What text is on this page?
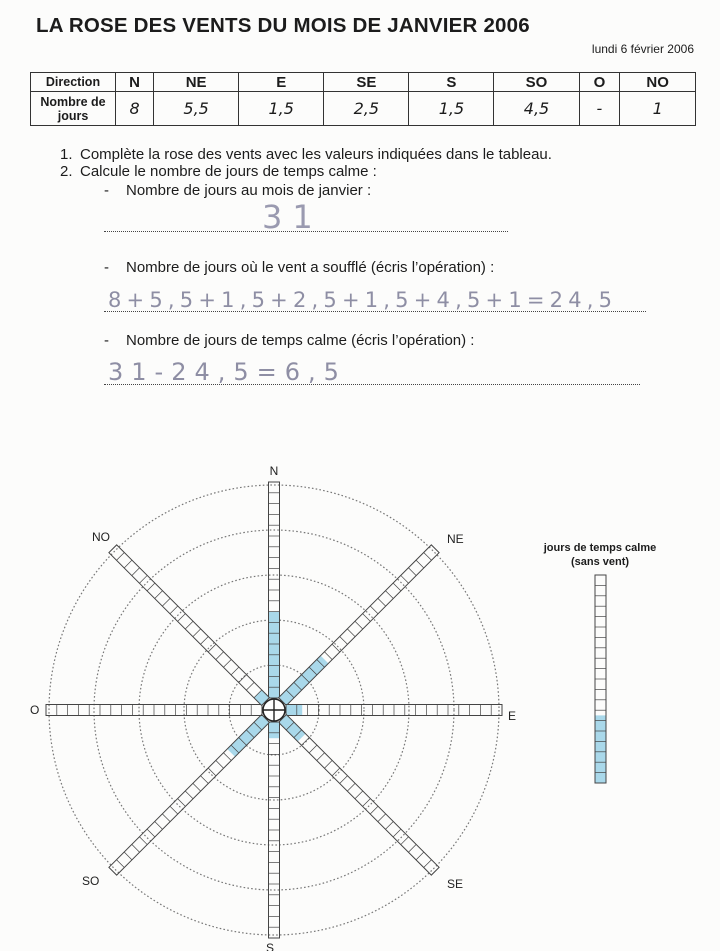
LA ROSE DES VENTS DU MOIS DE JANVIER 2006
lundi 6 février 2006
Direction	N	NE	E	SE	S	SO	O	NO
Nombre de jours	8	5,5	1,5	2,5	1,5	4,5	-	1
1. Complète la rose des vents avec les valeurs indiquées dans le tableau.
2. Calcule le nombre de jours de temps calme :
- Nombre de jours au mois de janvier :
31
- Nombre de jours où le vent a soufflé (écris l’opération) :
8+5,5+1,5+2,5+1,5+4,5+1=24,5
- Nombre de jours de temps calme (écris l’opération) :
31-24,5=6,5
N
NE
E
SE
S
SO
O
NO
jours de temps calme
(sans vent)
